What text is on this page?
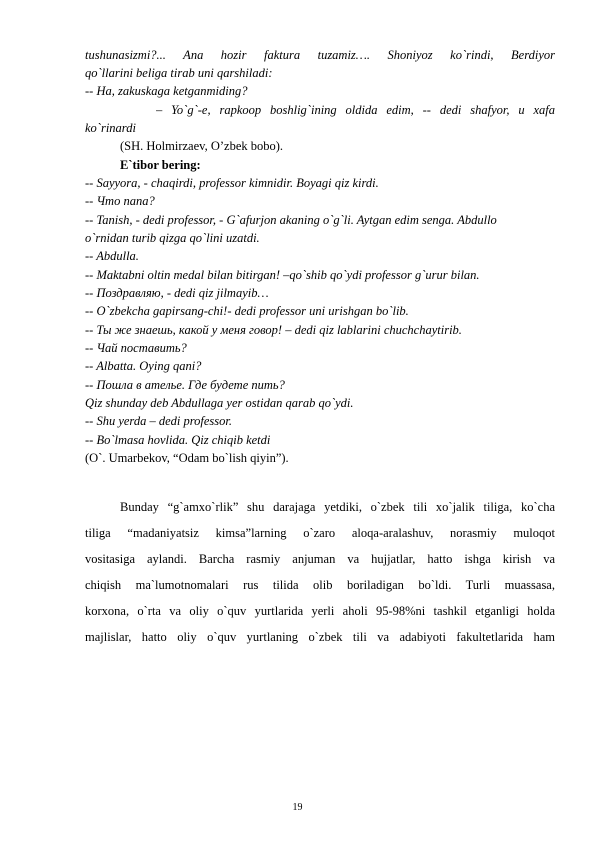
tushunasizmi?... Ana hozir faktura tuzamiz…. Shoniyoz ko`rindi, Berdiyor
qo`llarini beliga tirab uni qarshiladi:
-- Ha, zakuskaga ketganmiding?
– Yo`g`-e, rapkoop boshlig`ining oldida edim, -- dedi shafyor, u xafa
ko`rinardi
(SH. Holmirzaev, O’zbek bobo).
E`tibor bering:
-- Sayyora, - chaqirdi, professor kimnidir. Boyagi qiz kirdi.
-- Что папа?
-- Tanish, - dedi professor, - G`afurjon akaning o`g`li. Aytgan edim senga. Abdullo
o`rnidan turib qizga qo`lini uzatdi.
-- Abdulla.
-- Maktabni oltin medal bilan bitirgan! –qo`shib qo`ydi professor g`urur bilan.
-- Поздравляю, - dedi qiz jilmayib…
-- O`zbekcha gapirsang-chi!- dedi professor uni urishgan bo`lib.
-- Ты же знаешь, какой у меня говор! – dedi qiz lablarini chuchchaytirib.
-- Чай поставить?
-- Albatta. Oying qani?
-- Пошла в ателье. Где будете пить?
Qiz shunday deb Abdullaga yer ostidan qarab qo`ydi.
-- Shu yerda – dedi professor.
-- Bo`lmasa hovlida. Qiz chiqib ketdi
(O`. Umarbekov, “Odam bo`lish qiyin”).
Bunday “g`amxo`rlik” shu darajaga yetdiki, o`zbek tili xo`jalik tiliga, ko`cha
tiliga “madaniyatsiz kimsa”larning o`zaro aloqa-aralashuv, norasmiy muloqot
vositasiga aylandi. Barcha rasmiy anjuman va hujjatlar, hatto ishga kirish va
chiqish ma`lumotnomalari rus tilida olib boriladigan bo`ldi. Turli muassasa,
korxona, o`rta va oliy o`quv yurtlarida yerli aholi 95-98%ni tashkil etganligi holda
majlislar, hatto oliy o`quv yurtlaning o`zbek tili va adabiyoti fakultetlarida ham
19
